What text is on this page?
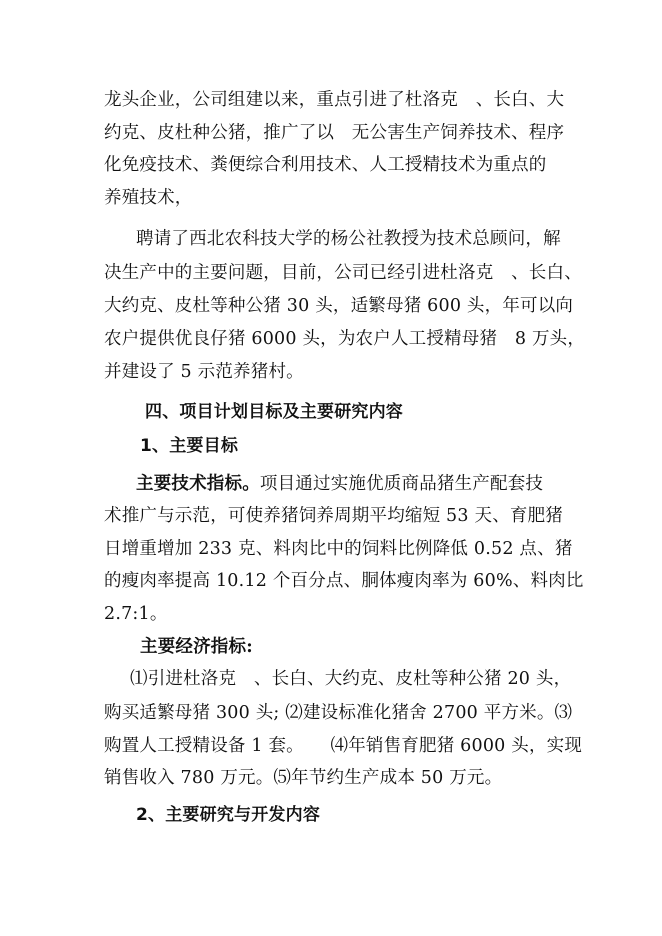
龙头企业，公司组建以来，重点引进了杜洛克　、长白、大
约克、皮杜种公猪，推广了以　无公害生产饲养技术、程序
化免疫技术、粪便综合利用技术、人工授精技术为重点的
养殖技术，
聘请了西北农科技大学的杨公社教授为技术总顾问，解
决生产中的主要问题，目前，公司已经引进杜洛克　、长白、
大约克、皮杜等种公猪 30 头，适繁母猪 600 头，年可以向
农户提供优良仔猪 6000 头，为农户人工授精母猪　8 万头，
并建设了 5 示范养猪村。
四、项目计划目标及主要研究内容
1、主要目标
主要技术指标。项目通过实施优质商品猪生产配套技
术推广与示范，可使养猪饲养周期平均缩短 53 天、育肥猪
日增重增加 233 克、料肉比中的饲料比例降低 0.52 点、猪
的瘦肉率提高 10.12 个百分点、胴体瘦肉率为 60%、料肉比
2.7:1。
主要经济指标:
⑴引进杜洛克　、长白、大约克、皮杜等种公猪 20 头，
购买适繁母猪 300 头; ⑵建设标准化猪舍 2700 平方米。⑶
购置人工授精设备 1 套。　　⑷年销售育肥猪 6000 头，实现
销售收入 780 万元。⑸年节约生产成本 50 万元。
2、主要研究与开发内容
